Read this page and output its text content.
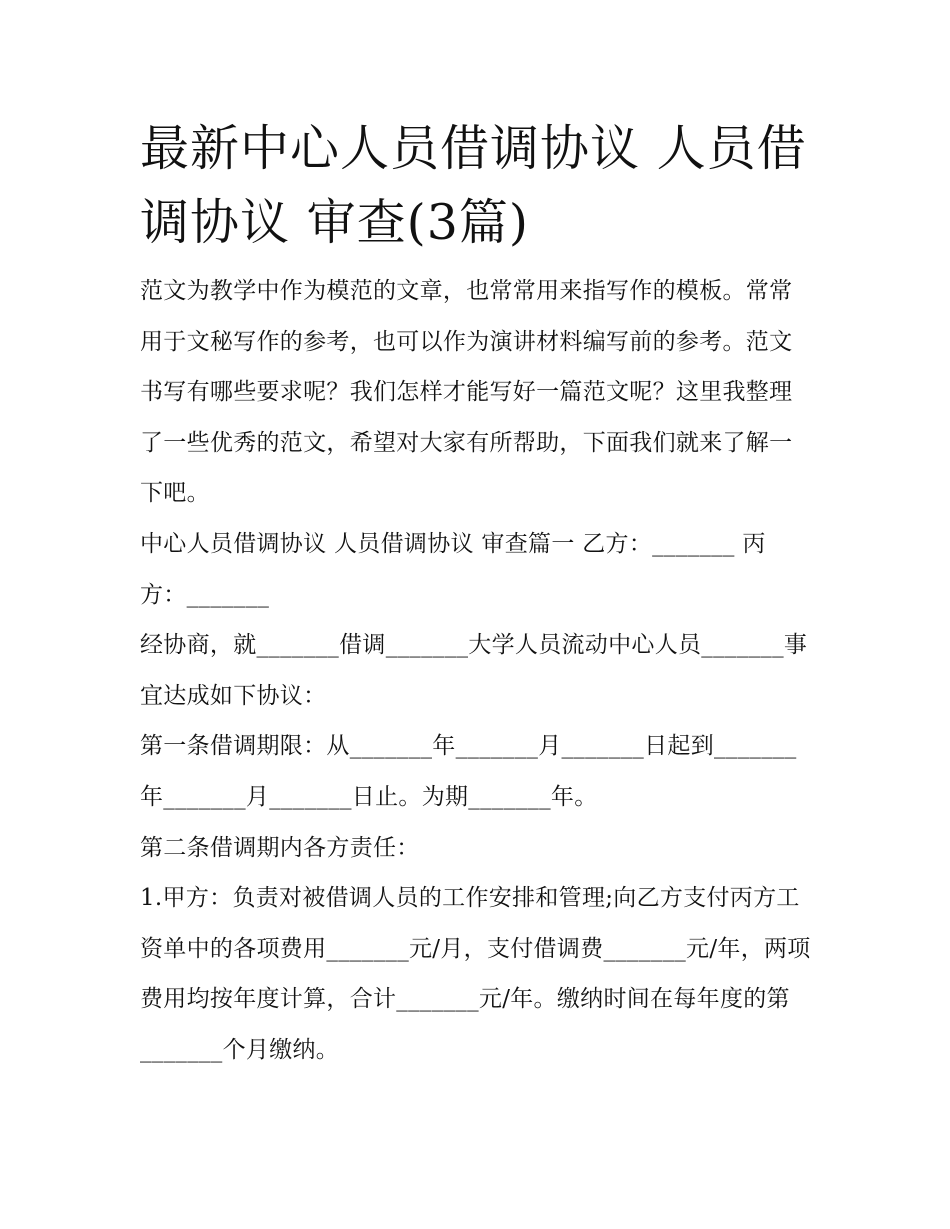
最新中心人员借调协议 人员借调协议 审查(3篇)

范文为教学中作为模范的文章，也常常用来指写作的模板。常常用于文秘写作的参考，也可以作为演讲材料编写前的参考。范文书写有哪些要求呢？我们怎样才能写好一篇范文呢？这里我整理了一些优秀的范文，希望对大家有所帮助，下面我们就来了解一下吧。

中心人员借调协议 人员借调协议 审查篇一 乙方：_______ 丙方：_______

经协商，就_______借调_______大学人员流动中心人员_______事宜达成如下协议：

第一条借调期限：从_______年_______月_______日起到_______年_______月_______日止。为期_______年。

第二条借调期内各方责任：

1.甲方：负责对被借调人员的工作安排和管理;向乙方支付丙方工资单中的各项费用_______元/月，支付借调费_______元/年，两项费用均按年度计算，合计_______元/年。缴纳时间在每年度的第_______个月缴纳。
